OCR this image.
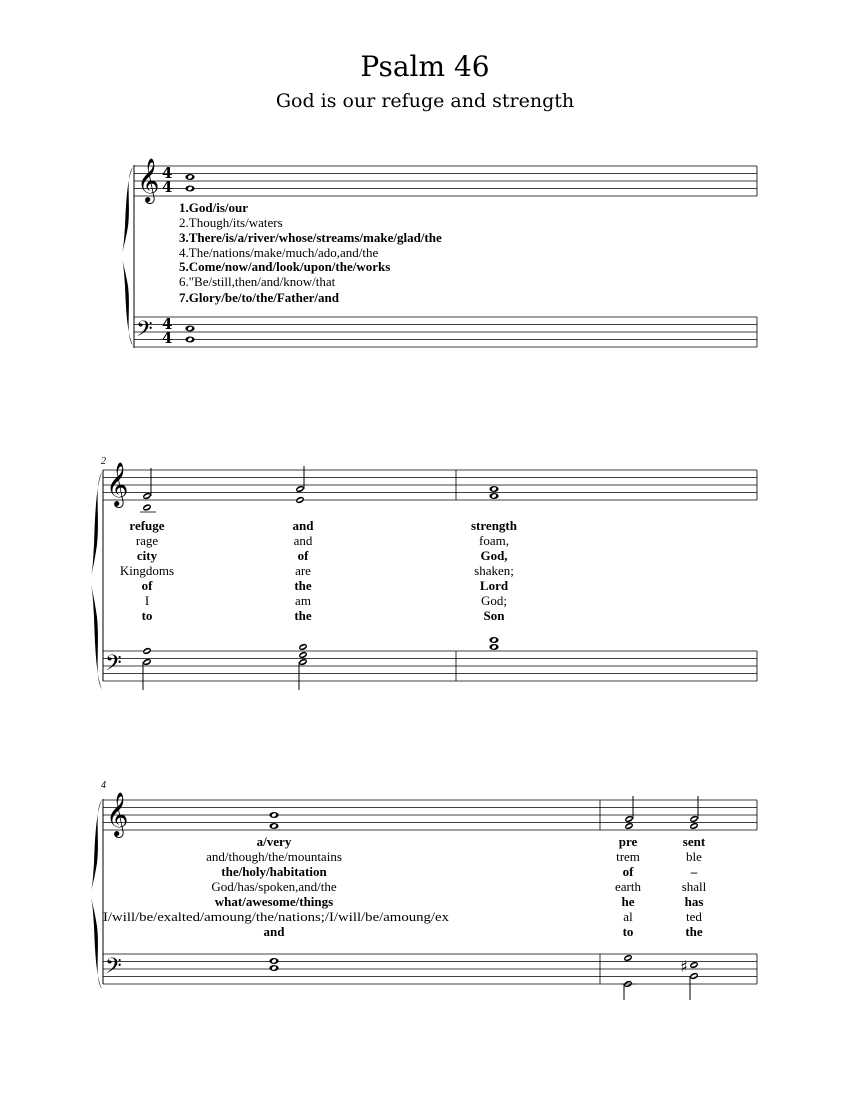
Psalm 46
God is our refuge and strength
𝄞 4
4
1.God/is/our
2.Though/its/waters
3.There/is/a/river/whose/streams/make/glad/the
4.The/nations/make/much/ado,and/the
5.Come/now/and/look/upon/the/works
6."Be/still,then/and/know/that
7.Glory/be/to/the/Father/and
𝄢 4
4
2
𝄞
refuge	and	strength
rage	and	foam,
city	of	God,
Kingdoms	are	shaken;
of	the	Lord
I	am	God;
to	the	Son
𝄢
4
𝄞
a/very	pre	sent
and/though/the/mountains	trem	ble
the/holy/habitation	of	–
God/has/spoken,and/the	earth	shall
what/awesome/things	he	has
I/will/be/exalted/amoung/the/nations;/I/will/be/amoung/ex	al	ted
and	to	the
𝄢	♯
